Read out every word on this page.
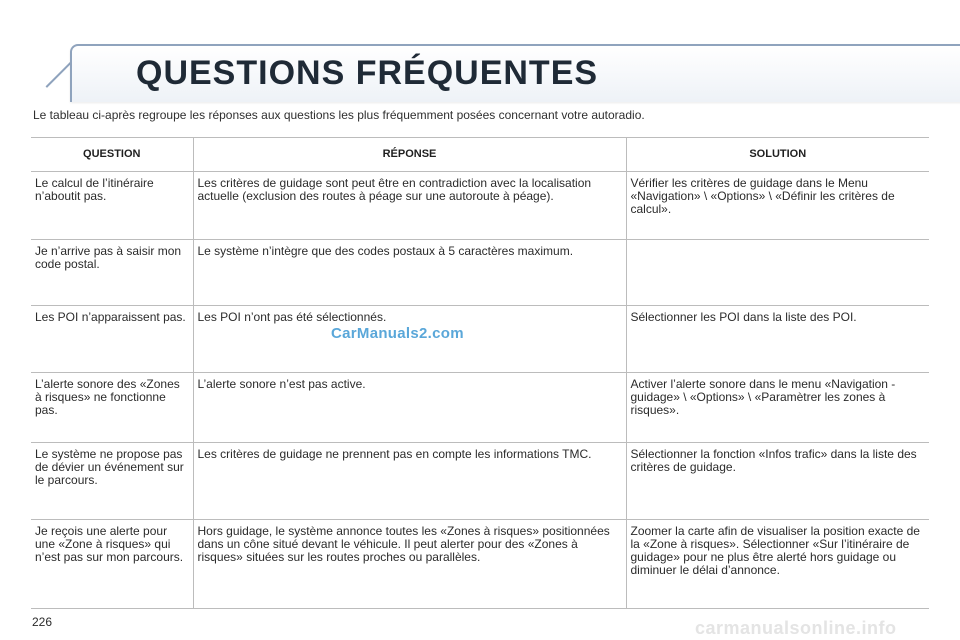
QUESTIONS FRÉQUENTES

Le tableau ci-après regroupe les réponses aux questions les plus fréquemment posées concernant votre autoradio.

QUESTION	RÉPONSE	SOLUTION
Le calcul de l’itinéraire n’aboutit pas.	Les critères de guidage sont peut être en contradiction avec la localisation actuelle (exclusion des routes à péage sur une autoroute à péage).	Vérifier les critères de guidage dans le Menu «Navigation» \ «Options» \ «Définir les critères de calcul».
Je n’arrive pas à saisir mon code postal.	Le système n’intègre que des codes postaux à 5 caractères maximum.	
Les POI n’apparaissent pas.	Les POI n’ont pas été sélectionnés.	Sélectionner les POI dans la liste des POI.
L’alerte sonore des «Zones à risques» ne fonctionne pas.	L’alerte sonore n’est pas active.	Activer l’alerte sonore dans le menu «Navigation - guidage» \ «Options» \ «Paramètrer les zones à risques».
Le système ne propose pas de dévier un événement sur le parcours.	Les critères de guidage ne prennent pas en compte les informations TMC.	Sélectionner la fonction «Infos trafic» dans la liste des critères de guidage.
Je reçois une alerte pour une «Zone à risques» qui n’est pas sur mon parcours.	Hors guidage, le système annonce toutes les «Zones à risques» positionnées dans un cône situé devant le véhicule. Il peut alerter pour des «Zones à risques» situées sur les routes proches ou parallèles.	Zoomer la carte afin de visualiser la position exacte de la «Zone à risques». Sélectionner «Sur l’itinéraire de guidage» pour ne plus être alerté hors guidage ou diminuer le délai d’annonce.
CarManuals2.com
226	carmanualsonline.info
